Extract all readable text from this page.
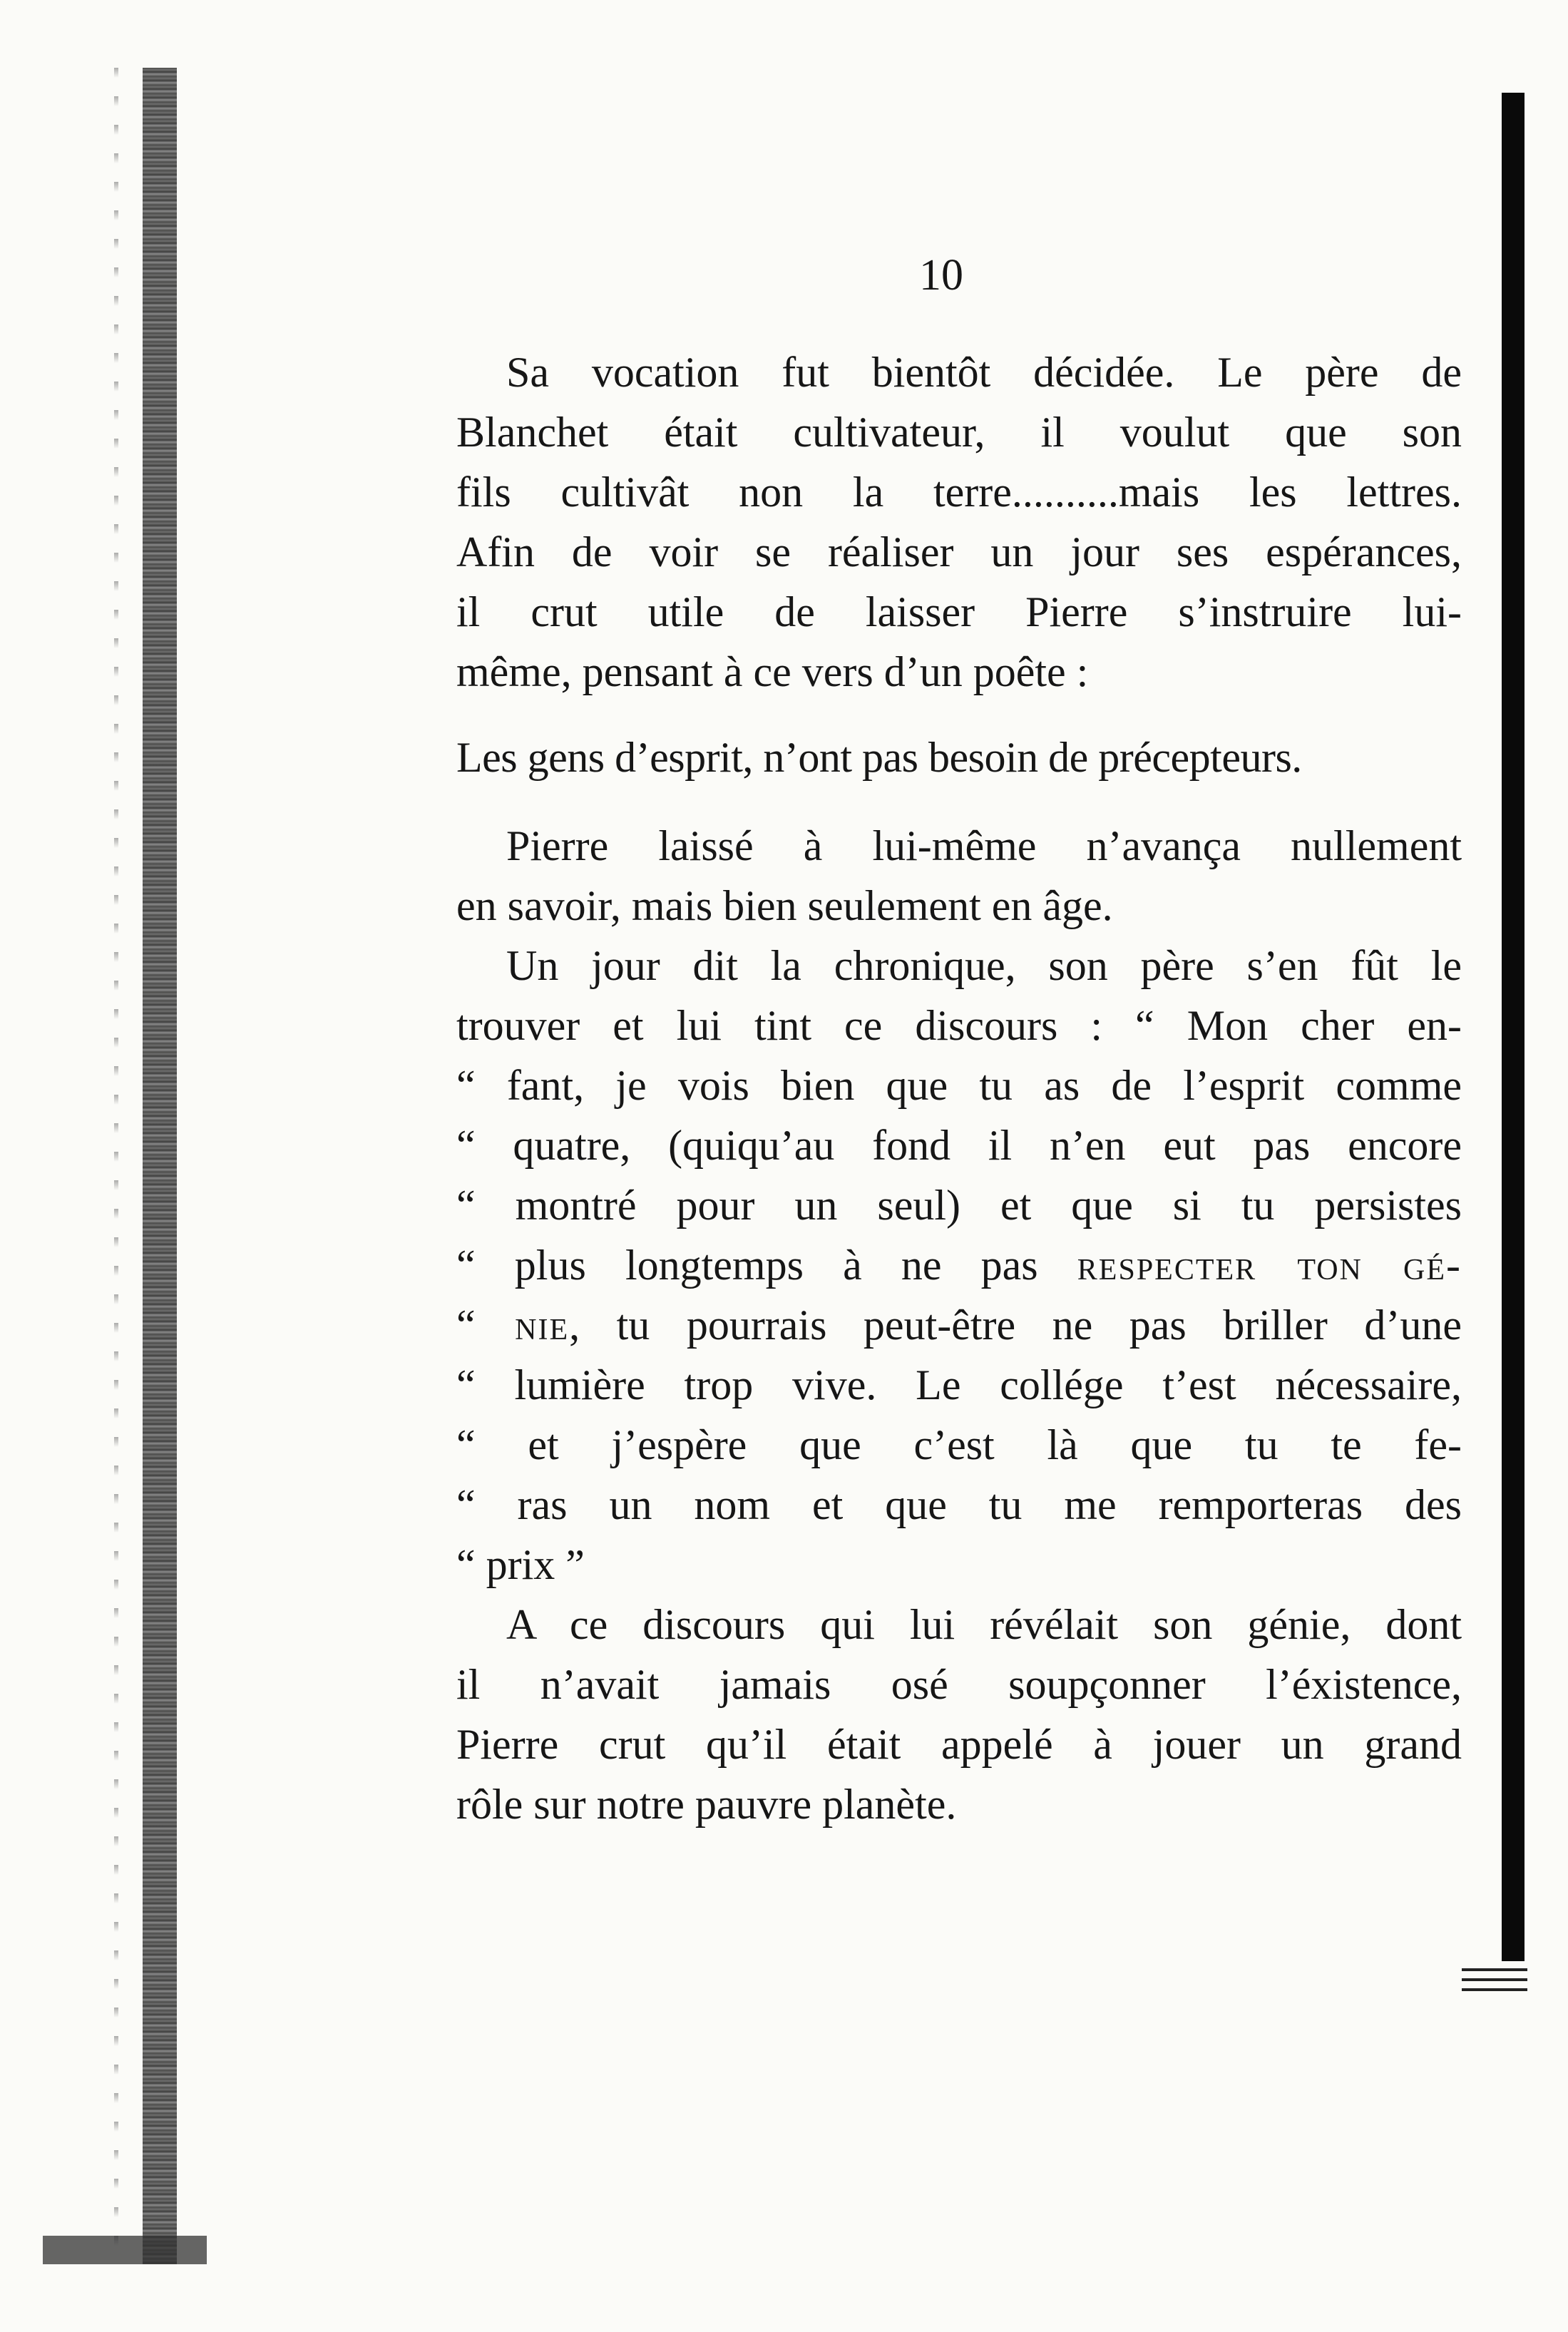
10
Sa vocation fut bientôt décidée. Le père de
Blanchet était cultivateur, il voulut que son
fils cultivât non la terre..........mais les lettres.
Afin de voir se réaliser un jour ses espérances,
il crut utile de laisser Pierre s’instruire lui-
même, pensant à ce vers d’un poête :
Les gens d’esprit, n’ont pas besoin de précepteurs.
Pierre laissé à lui-même n’avança nullement
en savoir, mais bien seulement en âge.
Un jour dit la chronique, son père s’en fût le
trouver et lui tint ce discours : “ Mon cher en-
“ fant, je vois bien que tu as de l’esprit comme
“ quatre, (quiqu’au fond il n’en eut pas encore
“ montré pour un seul) et que si tu persistes
“ plus longtemps à ne pas respecter ton gé-
“ nie, tu pourrais peut-être ne pas briller d’une
“ lumière trop vive. Le collége t’est nécessaire,
“ et j’espère que c’est là que tu te fe-
“ ras un nom et que tu me remporteras des
“ prix ”
A ce discours qui lui révélait son génie, dont
il n’avait jamais osé soupçonner l’éxistence,
Pierre crut qu’il était appelé à jouer un grand
rôle sur notre pauvre planète.
